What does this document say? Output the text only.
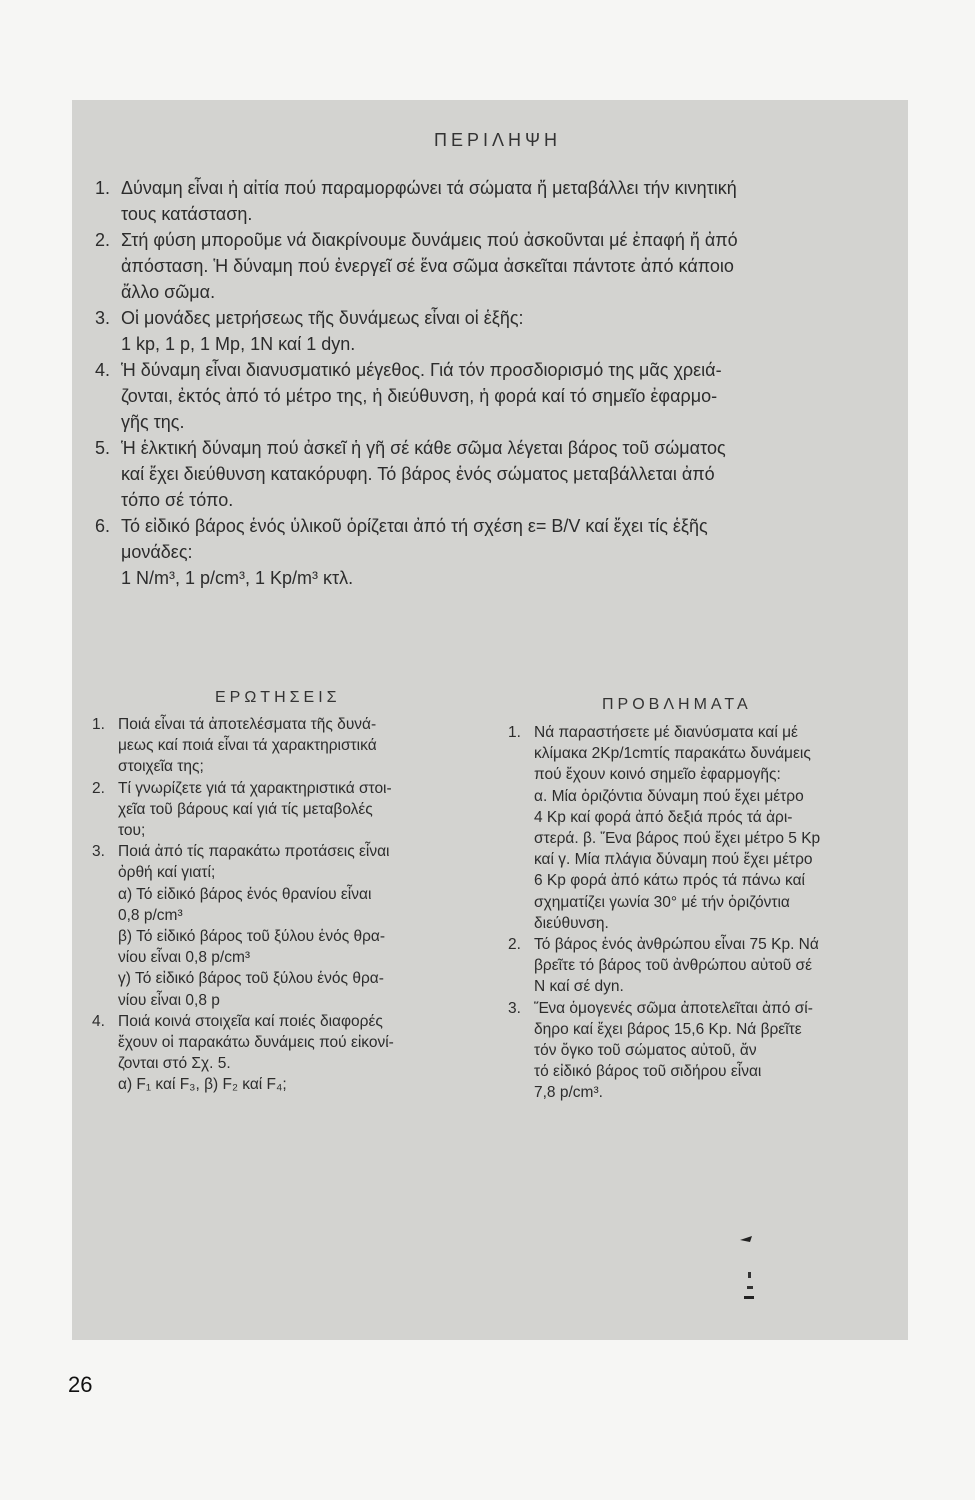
ΠΕΡΙΛΗΨΗ
1. Δύναμη εἶναι ἡ αἰτία πού παραμορφώνει τά σώματα ἤ μεταβάλλει τήν κινητική
τους κατάσταση.
2. Στή φύση μποροῦμε νά διακρίνουμε δυνάμεις πού ἀσκοῦνται μέ ἐπαφή ἤ ἀπό
ἀπόσταση. Ἡ δύναμη πού ἐνεργεῖ σέ ἕνα σῶμα ἀσκεῖται πάντοτε ἀπό κάποιο
ἄλλο σῶμα.
3. Οἱ μονάδες μετρήσεως τῆς δυνάμεως εἶναι οἱ ἑξῆς:
1 kp, 1 p, 1 Mp, 1N καί 1 dyn.
4. Ἡ δύναμη εἶναι διανυσματικό μέγεθος. Γιά τόν προσδιορισμό της μᾶς χρειά-
ζονται, ἐκτός ἀπό τό μέτρο της, ἡ διεύθυνση, ἡ φορά καί τό σημεῖο ἐφαρμο-
γῆς της.
5. Ἡ ἑλκτική δύναμη πού ἀσκεῖ ἡ γῆ σέ κάθε σῶμα λέγεται βάρος τοῦ σώματος
καί ἔχει διεύθυνση κατακόρυφη. Τό βάρος ἑνός σώματος μεταβάλλεται ἀπό
τόπο σέ τόπο.
6. Τό εἰδικό βάρος ἑνός ὑλικοῦ ὁρίζεται ἀπό τή σχέση ε= B/V καί ἔχει τίς ἑξῆς
μονάδες:
1 N/m³, 1 p/cm³, 1 Kp/m³ κτλ.
ΕΡΩΤΗΣΕΙΣ	ΠΡΟΒΛΗΜΑΤΑ
1. Ποιά εἶναι τά ἀποτελέσματα τῆς δυνά-
μεως καί ποιά εἶναι τά χαρακτηριστικά
στοιχεῖα της;
2. Τί γνωρίζετε γιά τά χαρακτηριστικά στοι-
χεῖα τοῦ βάρους καί γιά τίς μεταβολές
του;
3. Ποιά ἀπό τίς παρακάτω προτάσεις εἶναι
ὀρθή καί γιατί;
α) Τό εἰδικό βάρος ἑνός θρανίου εἶναι
0,8 p/cm³
β) Τό εἰδικό βάρος τοῦ ξύλου ἑνός θρα-
νίου εἶναι 0,8 p/cm³
γ) Τό εἰδικό βάρος τοῦ ξύλου ἑνός θρα-
νίου εἶναι 0,8 p
4. Ποιά κοινά στοιχεῖα καί ποιές διαφορές
ἔχουν οἱ παρακάτω δυνάμεις πού εἰκονί-
ζονται στό Σχ. 5.
α) F₁ καί F₃, β) F₂ καί F₄;
1. Νά παραστήσετε μέ διανύσματα καί μέ
κλίμακα 2Kp/1cmτίς παρακάτω δυνάμεις
πού ἔχουν κοινό σημεῖο ἐφαρμογῆς:
α. Μία ὁριζόντια δύναμη πού ἔχει μέτρο
4 Kp καί φορά ἀπό δεξιά πρός τά ἀρι-
στερά. β. Ἕνα βάρος πού ἔχει μέτρο 5 Kp
καί γ. Μία πλάγια δύναμη πού ἔχει μέτρο
6 Kp φορά ἀπό κάτω πρός τά πάνω καί
σχηματίζει γωνία 30° μέ τήν ὁριζόντια
διεύθυνση.
2. Τό βάρος ἑνός ἀνθρώπου εἶναι 75 Kp. Νά
βρεῖτε τό βάρος τοῦ ἀνθρώπου αὐτοῦ σέ
N καί σέ dyn.
3. Ἕνα ὁμογενές σῶμα ἀποτελεῖται ἀπό σί-
δηρο καί ἔχει βάρος 15,6 Kp. Νά βρεῖτε
τόν ὄγκο τοῦ σώματος αὐτοῦ, ἄν
τό εἰδικό βάρος τοῦ σιδήρου εἶναι
7,8 p/cm³.
26
